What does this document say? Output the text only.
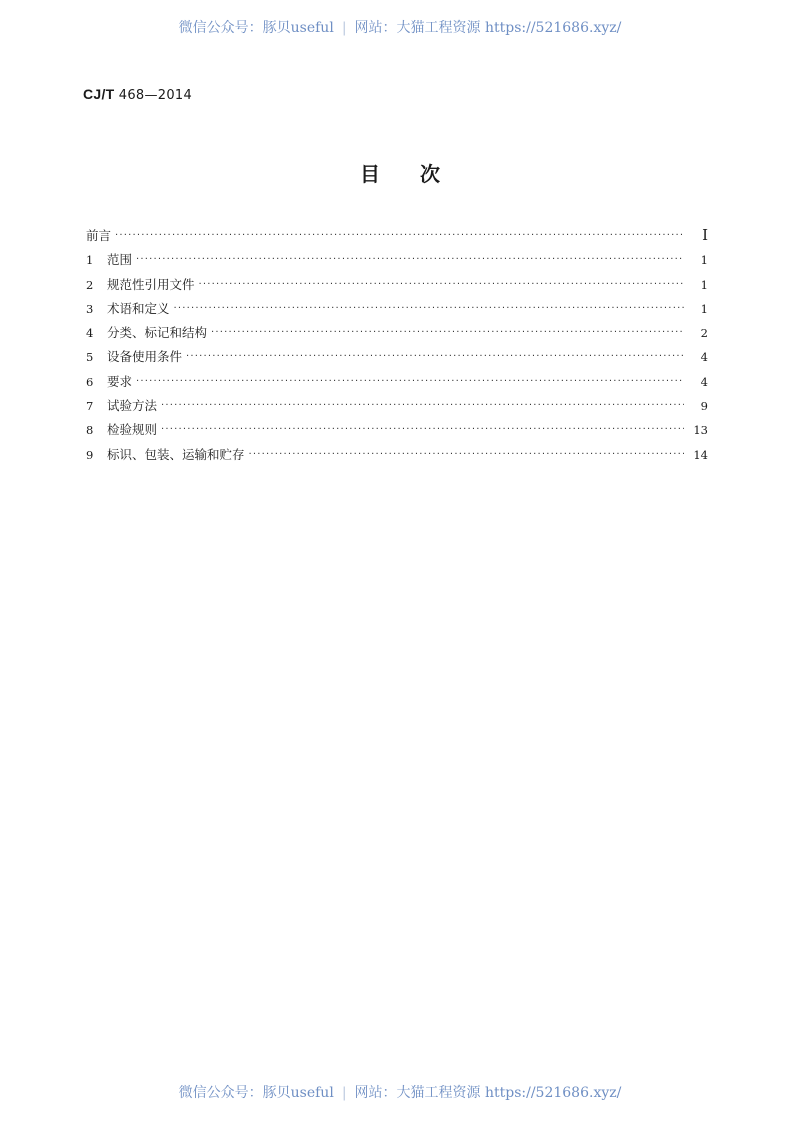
微信公众号：豚贝useful | 网站：大猫工程资源 https://521686.xyz/
CJ/T 468—2014
目 次
前言 ·····	I
1	范围 ·····	1
2	规范性引用文件 ·····	1
3	术语和定义 ·····	1
4	分类、标记和结构 ·····	2
5	设备使用条件 ·····	4
6	要求 ·····	4
7	试验方法 ·····	9
8	检验规则 ·····	13
9	标识、包装、运输和贮存 ·····	14
微信公众号：豚贝useful | 网站：大猫工程资源 https://521686.xyz/
